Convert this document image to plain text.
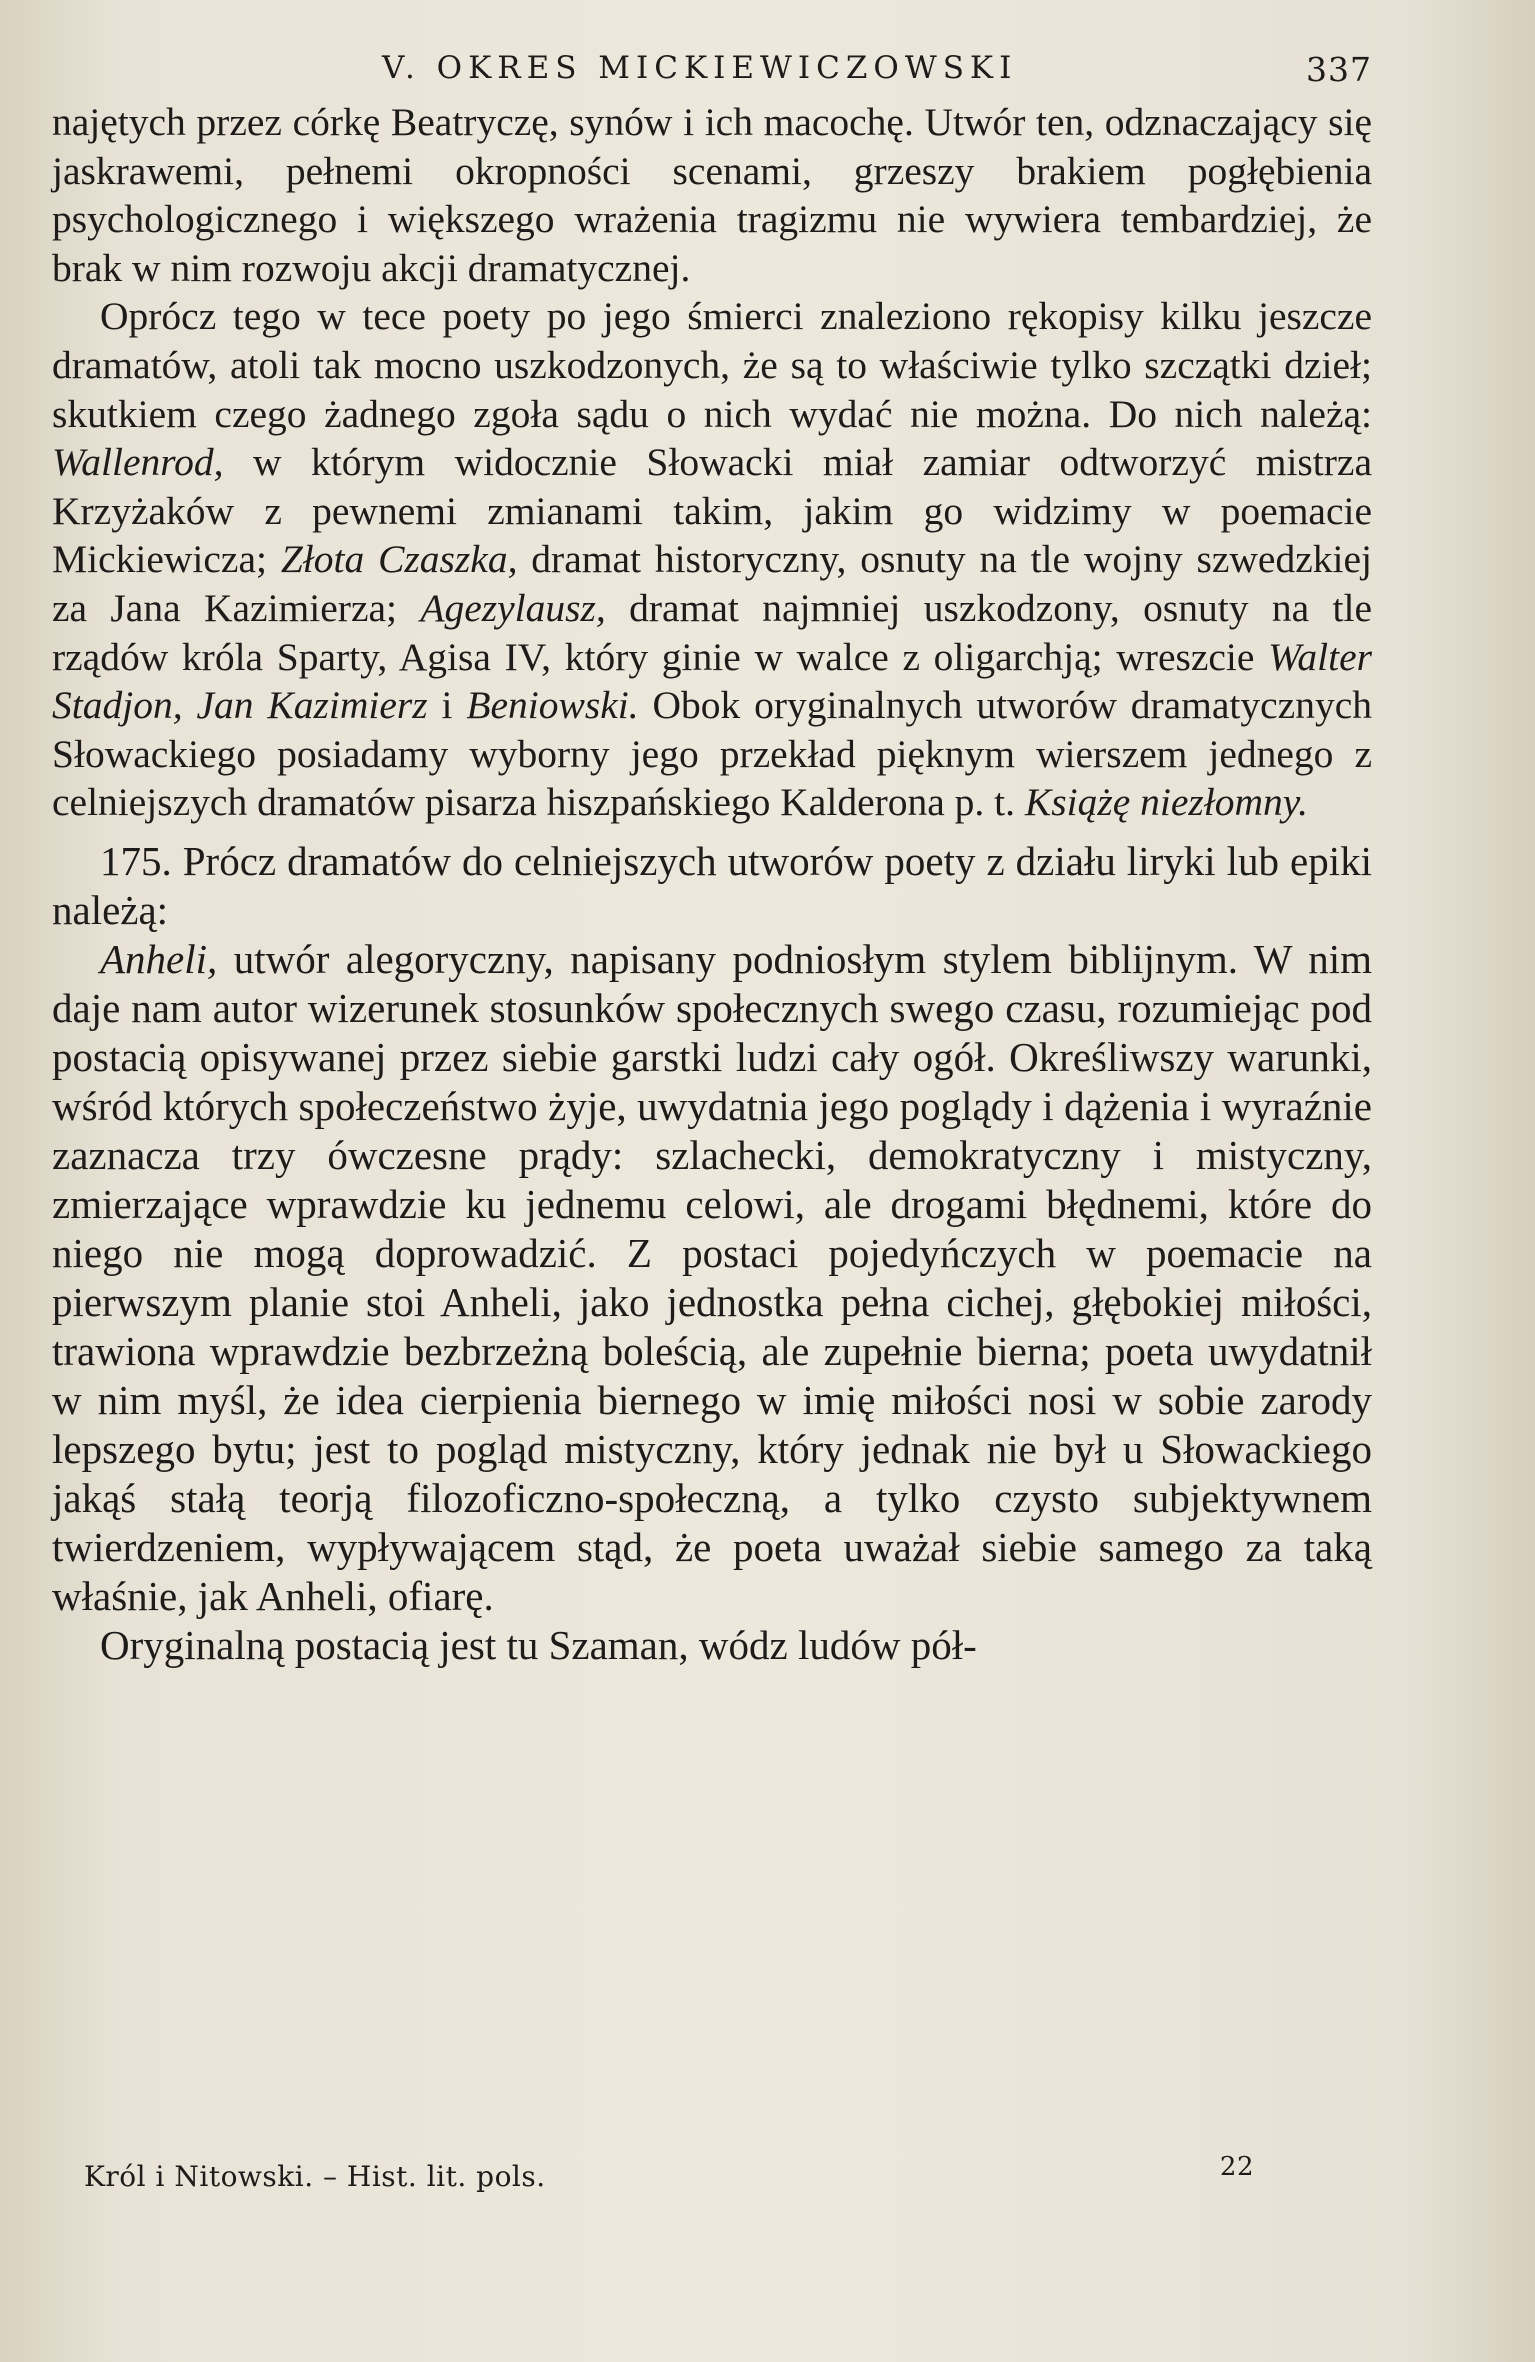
V. OKRES MICKIEWICZOWSKI	337

najętych przez córkę Beatryczę, synów i ich macochę. Utwór ten, odznaczający się jaskrawemi, pełnemi okropności scenami, grzeszy brakiem pogłębienia psychologicznego i większego wrażenia tragizmu nie wywiera tembardziej, że brak w nim rozwoju akcji dramatycznej.

Oprócz tego w tece poety po jego śmierci znaleziono rękopisy kilku jeszcze dramatów, atoli tak mocno uszkodzonych, że są to właściwie tylko szczątki dzieł; skutkiem czego żadnego zgoła sądu o nich wydać nie można. Do nich należą: Wallenrod, w którym widocznie Słowacki miał zamiar odtworzyć mistrza Krzyżaków z pewnemi zmianami takim, jakim go widzimy w poemacie Mickiewicza; Złota Czaszka, dramat historyczny, osnuty na tle wojny szwedzkiej za Jana Kazimierza; Agezylausz, dramat najmniej uszkodzony, osnuty na tle rządów króla Sparty, Agisa IV, który ginie w walce z oligarchją; wreszcie Walter Stadjon, Jan Kazimierz i Beniowski. Obok oryginalnych utworów dramatycznych Słowackiego posiadamy wyborny jego przekład pięknym wierszem jednego z celniejszych dramatów pisarza hiszpańskiego Kalderona p. t. Książę niezłomny.

175. Prócz dramatów do celniejszych utworów poety z działu liryki lub epiki należą:

Anheli, utwór alegoryczny, napisany podniosłym stylem biblijnym. W nim daje nam autor wizerunek stosunków społecznych swego czasu, rozumiejąc pod postacią opisywanej przez siebie garstki ludzi cały ogół. Określiwszy warunki, wśród których społeczeństwo żyje, uwydatnia jego poglądy i dążenia i wyraźnie zaznacza trzy ówczesne prądy: szlachecki, demokratyczny i mistyczny, zmierzające wprawdzie ku jednemu celowi, ale drogami błędnemi, które do niego nie mogą doprowadzić. Z postaci pojedyńczych w poemacie na pierwszym planie stoi Anheli, jako jednostka pełna cichej, głębokiej miłości, trawiona wprawdzie bezbrzeżną boleścią, ale zupełnie bierna; poeta uwydatnił w nim myśl, że idea cierpienia biernego w imię miłości nosi w sobie zarody lepszego bytu; jest to pogląd mistyczny, który jednak nie był u Słowackiego jakąś stałą teorją filozoficzno-społeczną, a tylko czysto subjektywnem twierdzeniem, wypływającem stąd, że poeta uważał siebie samego za taką właśnie, jak Anheli, ofiarę.

Oryginalną postacią jest tu Szaman, wódz ludów pół-

Król i Nitowski. – Hist. lit. pols.	22
